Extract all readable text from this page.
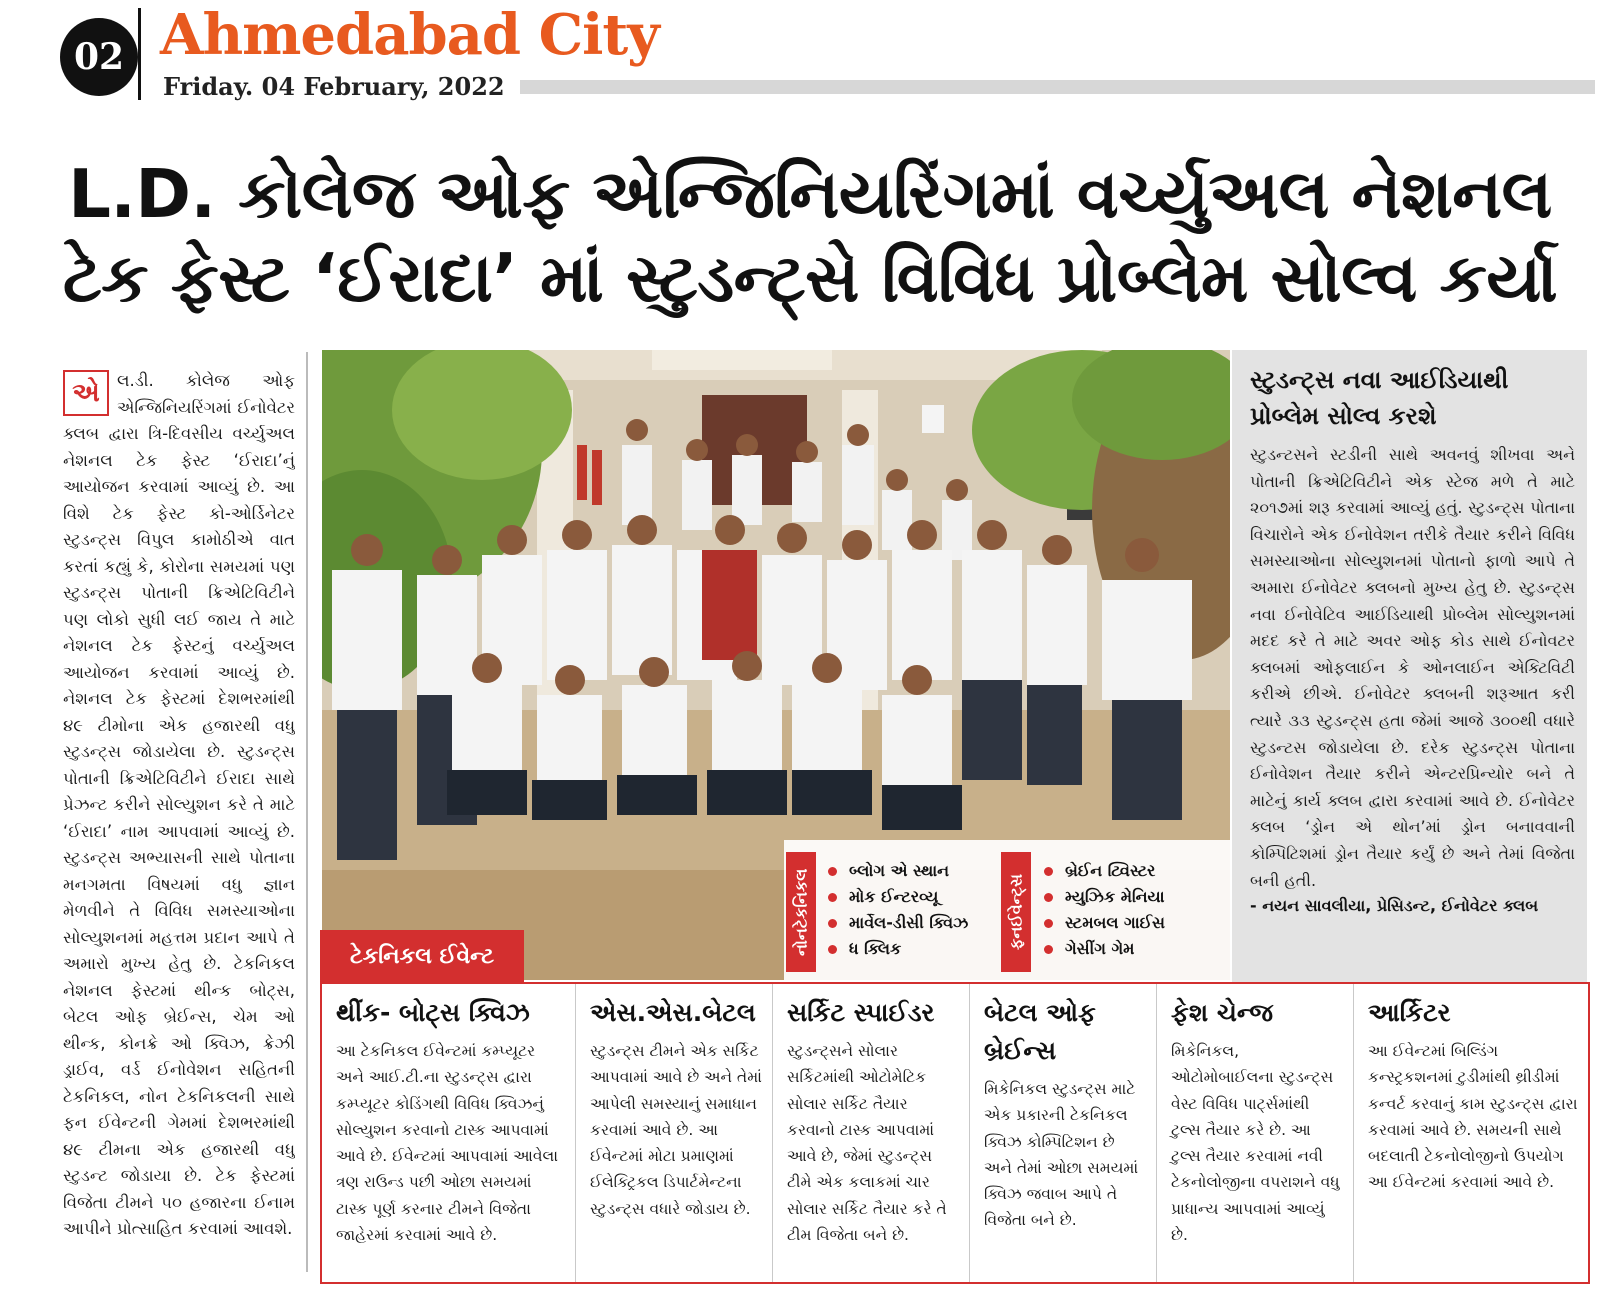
02 Ahmedabad City
Friday. 04 February, 2022
L.D. કોલેજ ઓફ એન્જિનિયરિંગમાં વર્ચ્યુઅલ નેશનલ
ટેક ફેસ્ટ ‘ઈરાદા’ માં સ્ટુડન્ટ્સે વિવિધ પ્રોબ્લેમ સોલ્વ કર્યા
એ	લ.ડી. કોલેજ ઓફ એન્જિનિયરિંગમાં ઈનોવેટર ક્લબ દ્વારા ત્રિ-દિવસીય વર્ચ્યુઅલ નેશનલ ટેક ફેસ્ટ ‘ઈરાદા’નું આયોજન કરવામાં આવ્યું છે. આ વિશે ટેક ફેસ્ટ કો-ઓર્ડિનેટર સ્ટુડન્ટ્સ વિપુલ કામોઠીએ વાત કરતાં કહ્યું કે, કોરોના સમયમાં પણ સ્ટુડન્ટ્સ પોતાની ક્રિએટિવિટીને પણ લોકો સુધી લઈ જાય તે માટે નેશનલ ટેક ફેસ્ટનું વર્ચ્યુઅલ આયોજન કરવામાં આવ્યું છે. નેશનલ ટેક ફેસ્ટમાં દેશભરમાંથી ૪૯ ટીમોના એક હજારથી વધુ સ્ટુડન્ટ્સ જોડાયેલા છે. સ્ટુડન્ટ્સ પોતાની ક્રિએટિવિટીને ઈરાદા સાથે પ્રેઝન્ટ કરીને સોલ્યુશન કરે તે માટે ‘ઈરાદા’ નામ આપવામાં આવ્યું છે. સ્ટુડન્ટ્સ અભ્યાસની સાથે પોતાના મનગમતા વિષયમાં વધુ જ્ઞાન મેળવીને તે વિવિધ સમસ્યાઓના સોલ્યુશનમાં મહત્તમ પ્રદાન આપે તે અમારો મુખ્ય હેતુ છે. ટેકનિકલ નેશનલ ફેસ્ટમાં થીન્ક બોટ્સ, બેટલ ઓફ બ્રેઈન્સ, ચેમ ઓ થીન્ક, કોનક્રે ઓ ક્વિઝ, ક્રેઝી ડ્રાઈવ, વર્ડ ઈનોવેશન સહિતની ટેકનિકલ, નોન ટેકનિકલની સાથે ફન ઈવેન્ટની ગેમમાં દેશભરમાંથી ૪૯ ટીમના એક હજારથી વધુ સ્ટુડન્ટ જોડાયા છે. ટેક ફેસ્ટમાં વિજેતા ટીમને ૫૦ હજારના ઈનામ આપીને પ્રોત્સાહિત કરવામાં આવશે.
ટેકનિકલ ઈવેન્ટ
નોનટેકનિકલ	બ્લોગ એ સ્થાન
મોક ઈન્ટરવ્યૂ
માર્વેલ-ડીસી ક્વિઝ
ધ ક્લિક	ફનઈવેન્ટ્સ
બ્રેઈન ટ્વિસ્ટર
મ્યુઝિક મેનિયા
સ્ટમબલ ગાઈસ
ગેસીંગ ગેમ
સ્ટુડન્ટ્સ નવા આઈડિયાથી પ્રોબ્લેમ સોલ્વ કરશે
સ્ટુડન્ટસને સ્ટડીની સાથે અવનવું શીખવા અને પોતાની ક્રિએટિવિટીને એક સ્ટેજ મળે તે માટે ૨૦૧૭માં શરૂ કરવામાં આવ્યું હતું. સ્ટુડન્ટ્સ પોતાના વિચારોને એક ઈનોવેશન તરીકે તૈયાર કરીને વિવિધ સમસ્યાઓના સોલ્યુશનમાં પોતાનો ફાળો આપે તે અમારા ઈનોવેટર ક્લબનો મુખ્ય હેતુ છે. સ્ટુડન્ટ્સ નવા ઈનોવેટિવ આઈડિયાથી પ્રોબ્લેમ સોલ્યુશનમાં મદદ કરે તે માટે અવર ઓફ કોડ સાથે ઈનોવટર ક્લબમાં ઓફલાઈન કે ઓનલાઈન એક્ટિવિટી કરીએ છીએ. ઈનોવેટર ક્લબની શરૂઆત કરી ત્યારે ૩૩ સ્ટુડન્ટ્સ હતા જેમાં આજે ૩૦૦થી વધારે સ્ટુડન્ટસ જોડાયેલા છે. દરેક સ્ટુડન્ટ્સ પોતાના ઈનોવેશન તૈયાર કરીને એન્ટરપ્રિન્યોર બને તે માટેનું કાર્ય ક્લબ દ્વારા કરવામાં આવે છે. ઈનોવેટર ક્લબ ‘ડ્રોન એ થોન’માં ડ્રોન બનાવવાની કોમ્પિટિશમાં ડ્રોન તૈયાર કર્યું છે અને તેમાં વિજેતા બની હતી.
- નયન સાવલીયા, પ્રેસિડન્ટ, ઈનોવેટર ક્લબ
થીંક- બોટ્સ ક્વિઝ
આ ટેકનિકલ ઈવેન્ટમાં કમ્પ્યૂટર અને આઈ.ટી.ના સ્ટુડન્ટ્સ દ્વારા કમ્પ્યૂટર કોડિંગથી વિવિધ ક્વિઝનું સોલ્યુશન કરવાનો ટાસ્ક આપવામાં આવે છે. ઈવેન્ટમાં આપવામાં આવેલા ત્રણ રાઉન્ડ પછી ઓછા સમયમાં ટાસ્ક પૂર્ણ કરનાર ટીમને વિજેતા જાહેરમાં કરવામાં આવે છે.
એસ.એસ.બેટલ
સ્ટુડન્ટ્સ ટીમને એક સર્કિટ આપવામાં આવે છે અને તેમાં આપેલી સમસ્યાનું સમાધાન કરવામાં આવે છે. આ ઈવેન્ટમાં મોટા પ્રમાણમાં ઈલેક્ટ્રિકલ ડિપાર્ટમેન્ટના સ્ટુડન્ટ્સ વધારે જોડાય છે.
સર્કિટ સ્પાઈડર
સ્ટુડન્ટ્સને સોલાર સર્કિટમાંથી ઓટોમેટિક સોલાર સર્કિટ તૈયાર કરવાનો ટાસ્ક આપવામાં આવે છે, જેમાં સ્ટુડન્ટ્સ ટીમે એક કલાકમાં ચાર સોલાર સર્કિટ તૈયાર કરે તે ટીમ વિજેતા બને છે.
બેટલ ઓફ બ્રેઈન્સ
મિકેનિકલ સ્ટુડન્ટ્સ માટે એક પ્રકારની ટેકનિકલ ક્વિઝ કોમ્પિટિશન છે અને તેમાં ઓછા સમયમાં ક્વિઝ જવાબ આપે તે વિજેતા બને છે.
ફેશ ચેન્જ
મિકેનિકલ, ઓટોમોબાઈલના સ્ટુડન્ટ્સ વેસ્ટ વિવિધ પાર્ટ્સમાંથી ટુલ્સ તૈયાર કરે છે. આ ટુલ્સ તૈયાર કરવામાં નવી ટેકનોલોજીના વપરાશને વધુ પ્રાધાન્ય આપવામાં આવ્યું છે.
આર્કિટર
આ ઈવેન્ટમાં બિલ્ડિંગ કન્સ્ટ્રકશનમાં ટુડીમાંથી થ્રીડીમાં કન્વર્ટ કરવાનું કામ સ્ટુડન્ટ્સ દ્વારા કરવામાં આવે છે. સમયની સાથે બદલાતી ટેકનોલોજીનો ઉપયોગ આ ઈવેન્ટમાં કરવામાં આવે છે.
